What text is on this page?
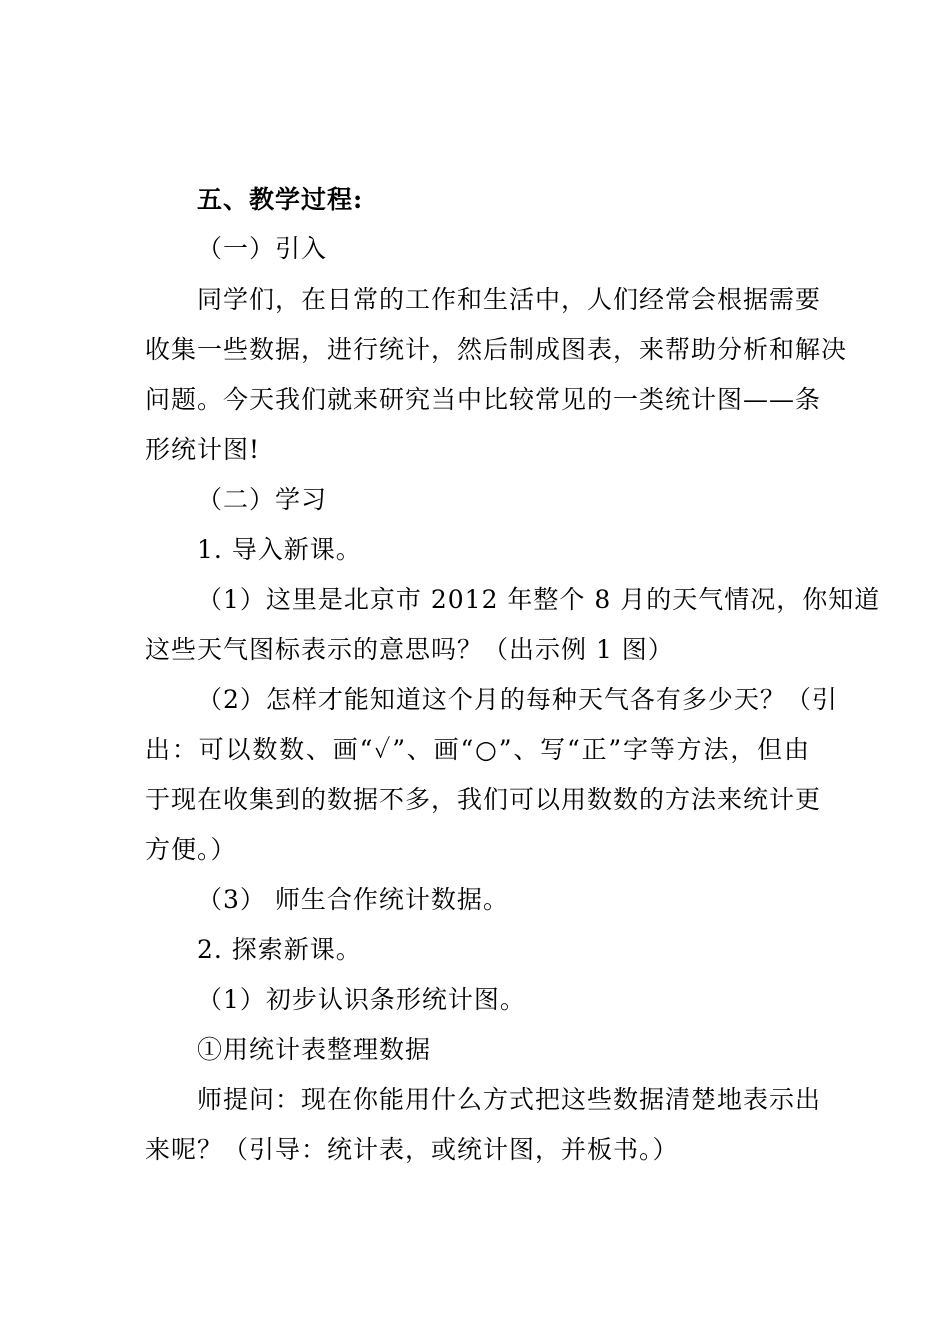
五、教学过程:
（一）引入
同学们，在日常的工作和生活中，人们经常会根据需要
收集一些数据，进行统计，然后制成图表，来帮助分析和解决
问题。今天我们就来研究当中比较常见的一类统计图——条
形统计图!
（二）学习
1. 导入新课。
（1）这里是北京市 2012 年整个 8 月的天气情况，你知道
这些天气图标表示的意思吗？（出示例 1 图）
（2）怎样才能知道这个月的每种天气各有多少天？（引
出：可以数数、画“✓”、画“○”、写“正”字等方法，但由
于现在收集到的数据不多，我们可以用数数的方法来统计更
方便。）
（3） 师生合作统计数据。
2. 探索新课。
（1）初步认识条形统计图。
①用统计表整理数据
师提问：现在你能用什么方式把这些数据清楚地表示出
来呢？（引导：统计表，或统计图，并板书。）
